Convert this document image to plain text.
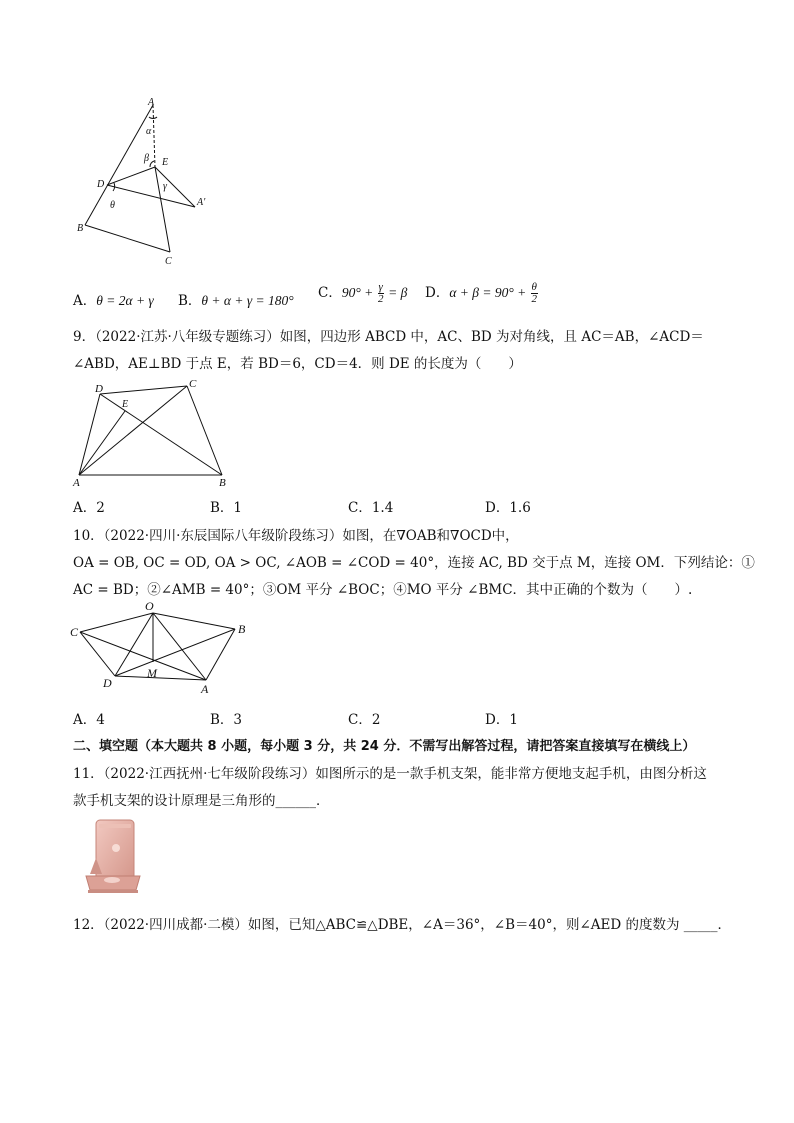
A
α
β E
γ
D
A'
θ
B
C
A．θ = 2α + γ B．θ + α + γ = 180° C．$90^\circ + \frac{\gamma}{2} = \beta$ D．$\alpha + \beta = 90^\circ + \frac{\theta}{2}$
9．（2022·江苏·八年级专题练习）如图，四边形 ABCD 中，AC、BD 为对角线，且 AC＝AB，∠ACD＝
∠ABD，AE⊥BD 于点 E，若 BD＝6，CD＝4．则 DE 的长度为（　　）
D	C
E
A	B
A．2	B．1	C．1.4	D．1.6
10．（2022·四川·东辰国际八年级阶段练习）如图，在∇OAB和∇OCD中，
OA = OB, OC = OD, OA > OC, ∠AOB = ∠COD = 40°，连接 AC, BD 交于点 M，连接 OM．下列结论：①
AC = BD；②∠AMB = 40°；③OM 平分 ∠BOC；④MO 平分 ∠BMC．其中正确的个数为（　　）.
O
C	B
M
D	A
A．4	B．3	C．2	D．1
二、填空题（本大题共 8 小题，每小题 3 分，共 24 分．不需写出解答过程，请把答案直接填写在横线上）
11．（2022·江西抚州·七年级阶段练习）如图所示的是一款手机支架，能非常方便地支起手机，由图分析这
款手机支架的设计原理是三角形的______．
12．（2022·四川成都·二模）如图，已知△ABC≌△DBE，∠A＝36°，∠B＝40°，则∠AED 的度数为 _____．
